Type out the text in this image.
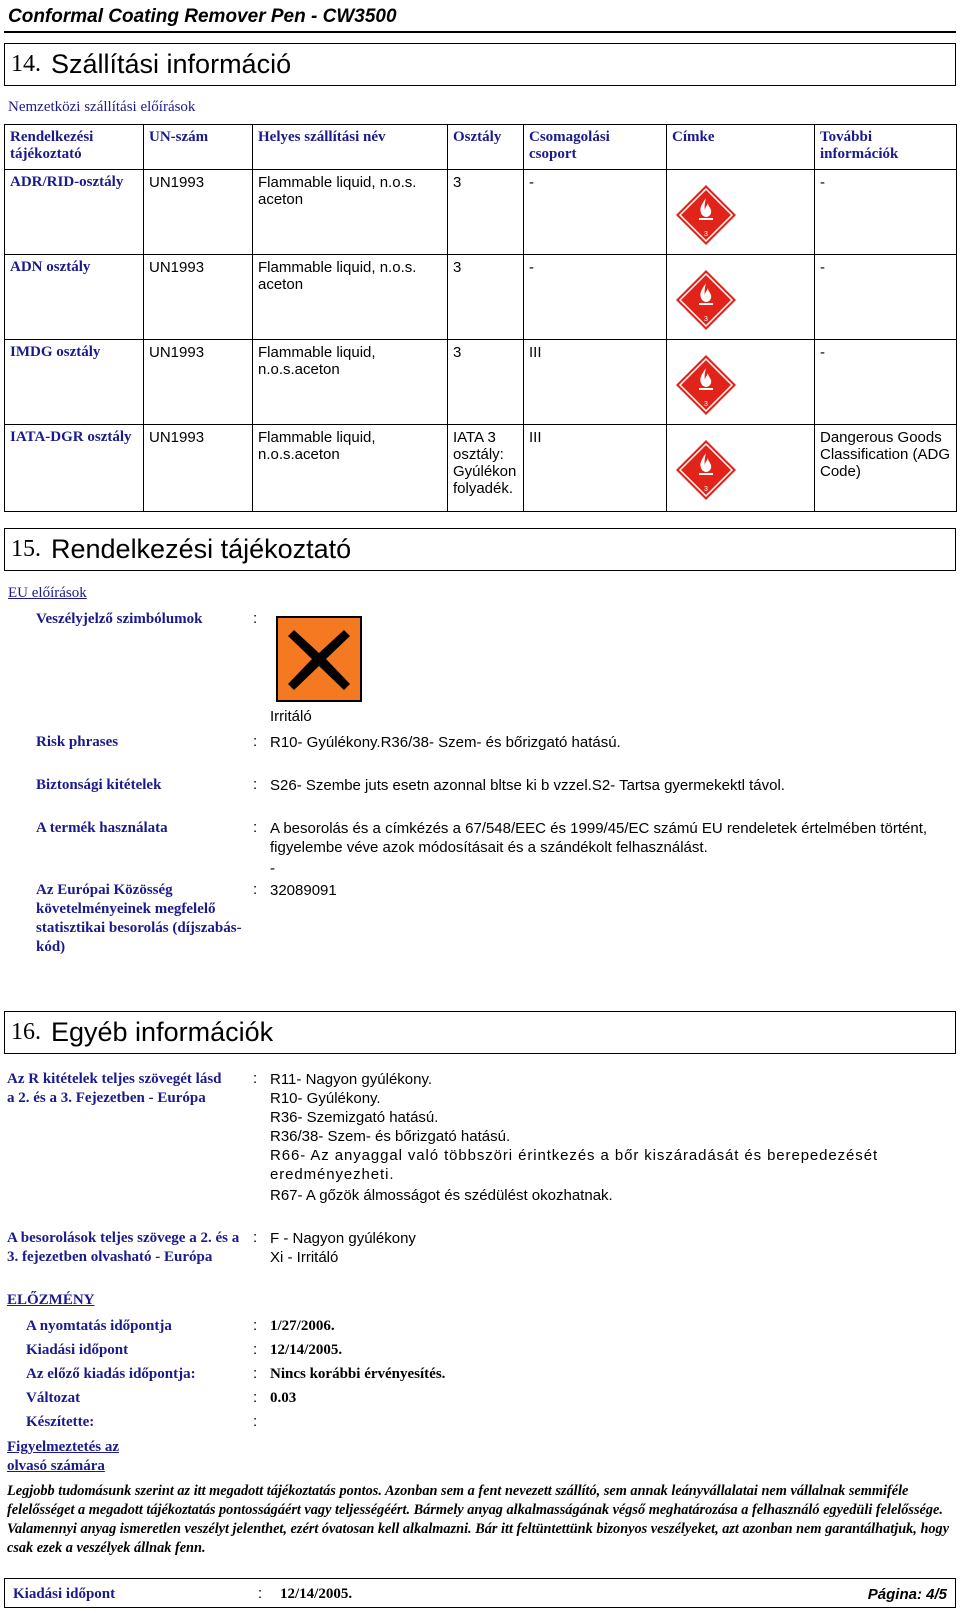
Conformal Coating Remover Pen - CW3500
14. Szállítási információ
Nemzetközi szállítási előírások
Rendelkezési tájékoztató	UN-szám	Helyes szállítási név	Osztály	Csomagolási csoport	Címke	További információk
ADR/RID-osztály	UN1993	Flammable liquid, n.o.s. aceton	3	-	3	-
ADN osztály	UN1993	Flammable liquid, n.o.s. aceton	3	-	3	-
IMDG osztály	UN1993	Flammable liquid, n.o.s.aceton	3	III	3	-
IATA-DGR osztály	UN1993	Flammable liquid, n.o.s.aceton	IATA 3 osztály: Gyúlékon folyadék.	III	3	Dangerous Goods Classification (ADG Code)
15. Rendelkezési tájékoztató
EU előírások
Veszélyjelző szimbólumok	:
Irritáló
Risk phrases	: R10- Gyúlékony.R36/38- Szem- és bőrizgató hatású.
Biztonsági kitételek	: S26- Szembe juts esetn azonnal bltse ki b vzzel.S2- Tartsa gyermekektl távol.
A termék használata	: A besorolás és a címkézés a 67/548/EEC és 1999/45/EC számú EU rendeletek értelmében történt, figyelembe véve azok módosításait és a szándékolt felhasználást.
-
Az Európai Közösség követelményeinek megfelelő statisztikai besorolás (díjszabás-kód)
: 32089091
16. Egyéb információk
Az R kitételek teljes szövegét lásd a 2. és a 3. Fejezetben - Európa
: R11- Nagyon gyúlékony.
R10- Gyúlékony.
R36- Szemizgató hatású.
R36/38- Szem- és bőrizgató hatású.
R66- Az anyaggal való többszöri érintkezés a bőr kiszáradását és berepedezését eredményezheti.
R67- A gőzök álmosságot és szédülést okozhatnak.
A besorolások teljes szövege a 2. és a 3. fejezetben olvasható - Európa
: F - Nagyon gyúlékony
Xi - Irritáló
ELŐZMÉNY
A nyomtatás időpontja	: 1/27/2006.
Kiadási időpont	: 12/14/2005.
Az előző kiadás időpontja:	: Nincs korábbi érvényesítés.
Változat	: 0.03
Készítette:	:
Figyelmeztetés az olvasó számára
Legjobb tudomásunk szerint az itt megadott tájékoztatás pontos. Azonban sem a fent nevezett szállító, sem annak leányvállalatai nem vállalnak semmiféle felelősséget a megadott tájékoztatás pontosságáért vagy teljességéért. Bármely anyag alkalmasságának végső meghatározása a felhasználó egyedüli felelőssége. Valamennyi anyag ismeretlen veszélyt jelenthet, ezért óvatosan kell alkalmazni. Bár itt feltüntettünk bizonyos veszélyeket, azt azonban nem garantálhatjuk, hogy csak ezek a veszélyek állnak fenn.
Kiadási időpont	: 12/14/2005.	Página: 4/5
